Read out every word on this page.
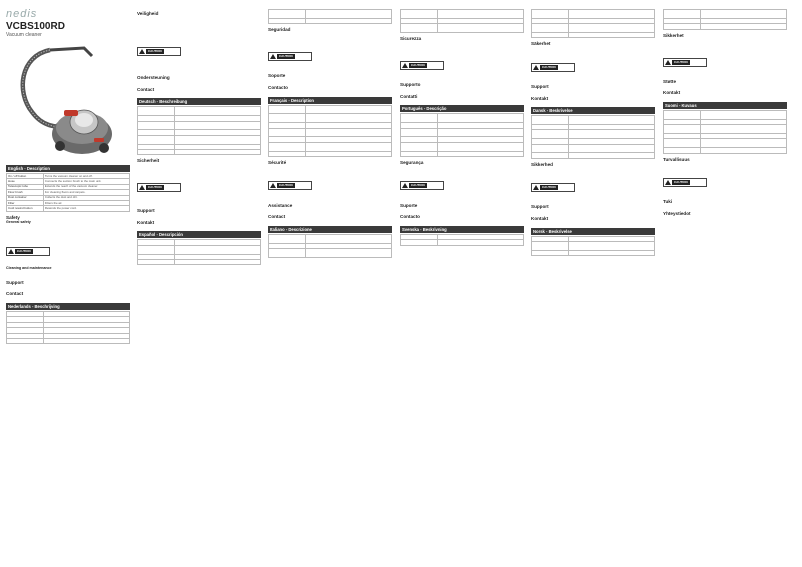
nedis
VCBS100RD
Vacuum cleaner
English - Description
On / off button	Turns the vacuum cleaner on and off.
Hose	Connects the suction brush to the main unit.
Telescopic tube	Extends the reach of the vacuum cleaner.
Floor brush	For cleaning floors and carpets.
Dust container	Collects the dust and dirt.
Filter	Filters the air.
Cord rewind button	Rewinds the power cord.
Safety
General safety
CAUTION
Cleaning and maintenance
Support
Contact
Nederlands - Beschrijving

Veiligheid
CAUTION
Ondersteuning
Contact
Deutsch - Beschreibung

Sicherheit
CAUTION
Support
Kontakt
Español - Descripción

Seguridad
CAUTION
Soporte
Contacto
Français - Description

Sécurité
CAUTION
Assistance
Contact
Italiano - Descrizione

Sicurezza
CAUTION
Supporto
Contatti
Português - Descrição

Segurança
CAUTION
Suporte
Contacto
Svenska - Beskrivning

Säkerhet
CAUTION
Support
Kontakt
Dansk - Beskrivelse

Sikkerhed
CAUTION
Support
Kontakt
Norsk - Beskrivelse

Sikkerhet
CAUTION
Støtte
Kontakt
Suomi - Kuvaus

Turvallisuus
CAUTION
Tuki
Yhteystiedot
